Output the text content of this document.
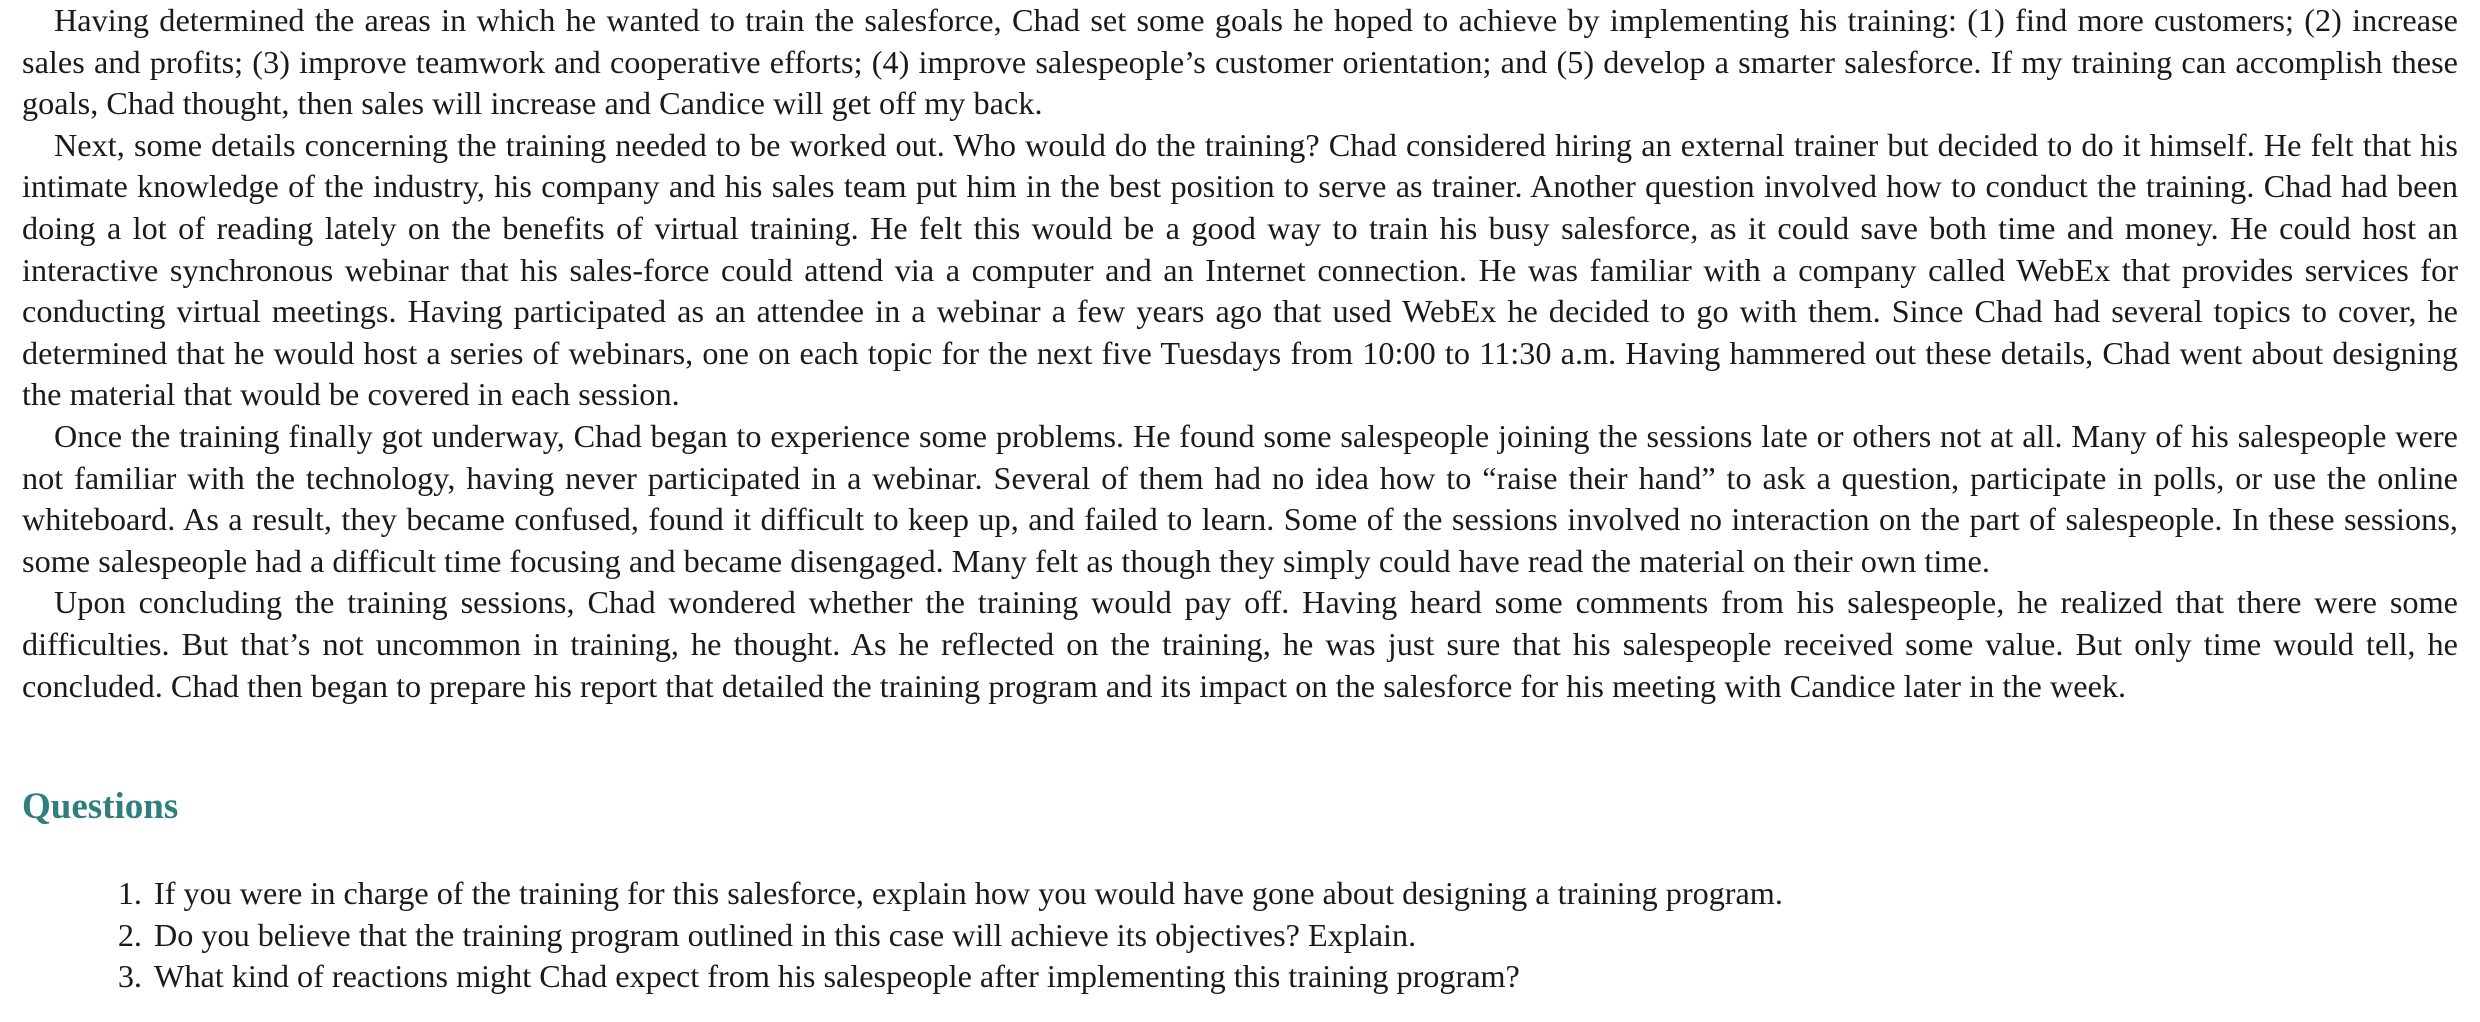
Having determined the areas in which he wanted to train the salesforce, Chad set some goals he hoped to achieve by implementing his training: (1) find more customers; (2) increase sales and profits; (3) improve teamwork and cooperative efforts; (4) improve salespeople’s customer orientation; and (5) develop a smarter salesforce. If my training can accomplish these goals, Chad thought, then sales will increase and Candice will get off my back.

Next, some details concerning the training needed to be worked out. Who would do the training? Chad considered hiring an external trainer but decided to do it himself. He felt that his intimate knowledge of the industry, his company and his sales team put him in the best position to serve as trainer. Another question involved how to conduct the training. Chad had been doing a lot of reading lately on the benefits of virtual training. He felt this would be a good way to train his busy salesforce, as it could save both time and money. He could host an interactive synchronous webinar that his sales-force could attend via a computer and an Internet connection. He was familiar with a company called WebEx that provides services for conducting virtual meetings. Having participated as an attendee in a webinar a few years ago that used WebEx he decided to go with them. Since Chad had several topics to cover, he determined that he would host a series of webinars, one on each topic for the next five Tuesdays from 10:00 to 11:30 a.m. Having hammered out these details, Chad went about designing the material that would be covered in each session.

Once the training finally got underway, Chad began to experience some problems. He found some salespeople joining the sessions late or others not at all. Many of his salespeople were not familiar with the technology, having never participated in a webinar. Several of them had no idea how to “raise their hand” to ask a question, participate in polls, or use the online whiteboard. As a result, they became confused, found it difficult to keep up, and failed to learn. Some of the sessions involved no interaction on the part of salespeople. In these sessions, some salespeople had a difficult time focusing and became disengaged. Many felt as though they simply could have read the material on their own time.

Upon concluding the training sessions, Chad wondered whether the training would pay off. Having heard some comments from his salespeople, he realized that there were some difficulties. But that’s not uncommon in training, he thought. As he reflected on the training, he was just sure that his salespeople received some value. But only time would tell, he concluded. Chad then began to prepare his report that detailed the training program and its impact on the salesforce for his meeting with Candice later in the week.

Questions
1. If you were in charge of the training for this salesforce, explain how you would have gone about designing a training program.
2. Do you believe that the training program outlined in this case will achieve its objectives? Explain.
3. What kind of reactions might Chad expect from his salespeople after implementing this training program?
